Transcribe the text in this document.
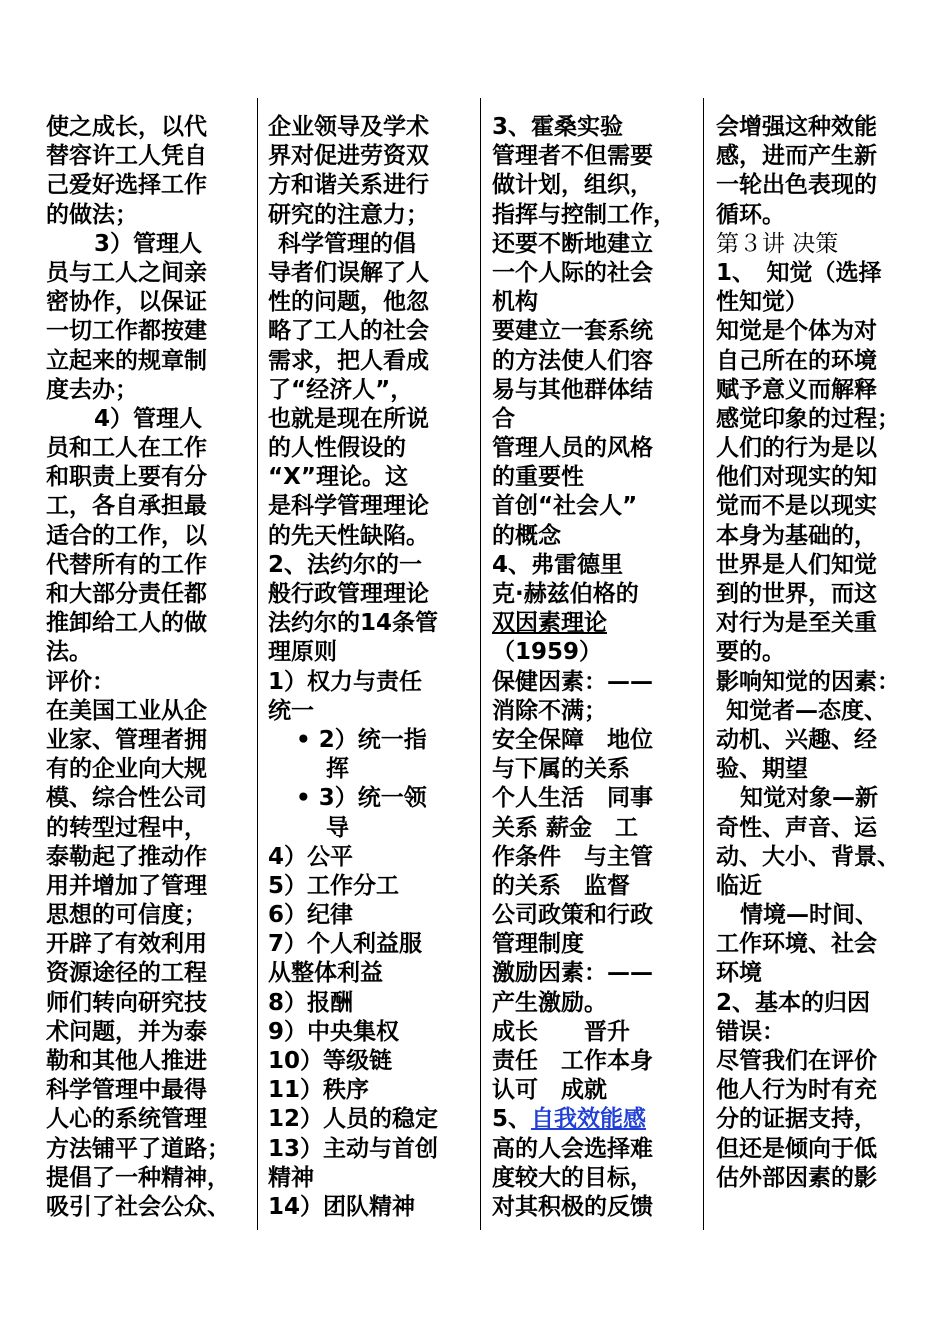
使之成长，以代
替容许工人凭自
己爱好选择工作
的做法；
3）管理人
员与工人之间亲
密协作，以保证
一切工作都按建
立起来的规章制
度去办；
4）管理人
员和工人在工作
和职责上要有分
工，各自承担最
适合的工作，以
代替所有的工作
和大部分责任都
推卸给工人的做
法。
评价：
在美国工业从企
业家、管理者拥
有的企业向大规
模、综合性公司
的转型过程中，
泰勒起了推动作
用并增加了管理
思想的可信度；
开辟了有效利用
资源途径的工程
师们转向研究技
术问题，并为泰
勒和其他人推进
科学管理中最得
人心的系统管理
方法铺平了道路；
提倡了一种精神，
吸引了社会公众、
企业领导及学术
界对促进劳资双
方和谐关系进行
研究的注意力；
科学管理的倡
导者们误解了人
性的问题，他忽
略了工人的社会
需求，把人看成
了“经济人”，
也就是现在所说
的人性假设的
“X”理论。这
是科学管理理论
的先天性缺陷。
2、法约尔的一
般行政管理理论
法约尔的14条管
理原则
1）权力与责任
统一
• 2）统一指
挥
• 3）统一领
导
4）公平
5）工作分工
6）纪律
7）个人利益服
从整体利益
8）报酬
9）中央集权
10）等级链
11）秩序
12）人员的稳定
13）主动与首创
精神
14）团队精神
3、霍桑实验
管理者不但需要
做计划，组织，
指挥与控制工作，
还要不断地建立
一个人际的社会
机构
要建立一套系统
的方法使人们容
易与其他群体结
合
管理人员的风格
的重要性
首创“社会人”
的概念
4、弗雷德里
克·赫兹伯格的
双因素理论
（1959）
保健因素：——
消除不满；
安全保障　地位
与下属的关系
个人生活　同事
关系 薪金　工
作条件　与主管
的关系　监督
公司政策和行政
管理制度
激励因素：——
产生激励。
成长　　晋升
责任　工作本身
认可　成就
5、自我效能感
高的人会选择难
度较大的目标，
对其积极的反馈
会增强这种效能
感，进而产生新
一轮出色表现的
循环。
第３讲 决策
1、　知觉（选择
性知觉）
知觉是个体为对
自己所在的环境
赋予意义而解释
感觉印象的过程；
人们的行为是以
他们对现实的知
觉而不是以现实
本身为基础的，
世界是人们知觉
到的世界，而这
对行为是至关重
要的。
影响知觉的因素：
知觉者—态度、
动机、兴趣、经
验、期望
知觉对象—新
奇性、声音、运
动、大小、背景、
临近
情境—时间、
工作环境、社会
环境
2、基本的归因
错误：
尽管我们在评价
他人行为时有充
分的证据支持，
但还是倾向于低
估外部因素的影
